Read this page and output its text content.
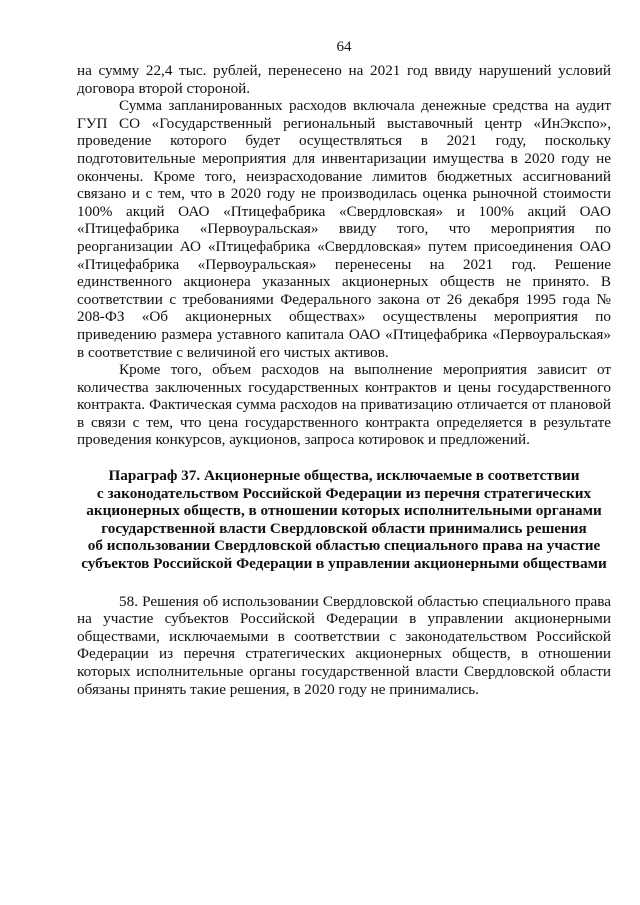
64

на сумму 22,4 тыс. рублей, перенесено на 2021 год ввиду нарушений условий договора второй стороной.

Сумма запланированных расходов включала денежные средства на аудит ГУП СО «Государственный региональный выставочный центр «ИнЭкспо», проведение которого будет осуществляться в 2021 году, поскольку подготовительные мероприятия для инвентаризации имущества в 2020 году не окончены. Кроме того, неизрасходование лимитов бюджетных ассигнований связано и с тем, что в 2020 году не производилась оценка рыночной стоимости 100% акций ОАО «Птицефабрика «Свердловская» и 100% акций ОАО «Птицефабрика «Первоуральская» ввиду того, что мероприятия по реорганизации АО «Птицефабрика «Свердловская» путем присоединения ОАО «Птицефабрика «Первоуральская» перенесены на 2021 год. Решение единственного акционера указанных акционерных обществ не принято. В соответствии с требованиями Федерального закона от 26 декабря 1995 года № 208-ФЗ «Об акционерных обществах» осуществлены мероприятия по приведению размера уставного капитала ОАО «Птицефабрика «Первоуральская» в соответствие с величиной его чистых активов.

Кроме того, объем расходов на выполнение мероприятия зависит от количества заключенных государственных контрактов и цены государственного контракта. Фактическая сумма расходов на приватизацию отличается от плановой в связи с тем, что цена государственного контракта определяется в результате проведения конкурсов, аукционов, запроса котировок и предложений.

Параграф 37. Акционерные общества, исключаемые в соответствии

с законодательством Российской Федерации из перечня стратегических

акционерных обществ, в отношении которых исполнительными органами

государственной власти Свердловской области принимались решения

об использовании Свердловской областью специального права на участие

субъектов Российской Федерации в управлении акционерными обществами

58. Решения об использовании Свердловской областью специального права на участие субъектов Российской Федерации в управлении акционерными обществами, исключаемыми в соответствии с законодательством Российской Федерации из перечня стратегических акционерных обществ, в отношении которых исполнительные органы государственной власти Свердловской области обязаны принять такие решения, в 2020 году не принимались.
